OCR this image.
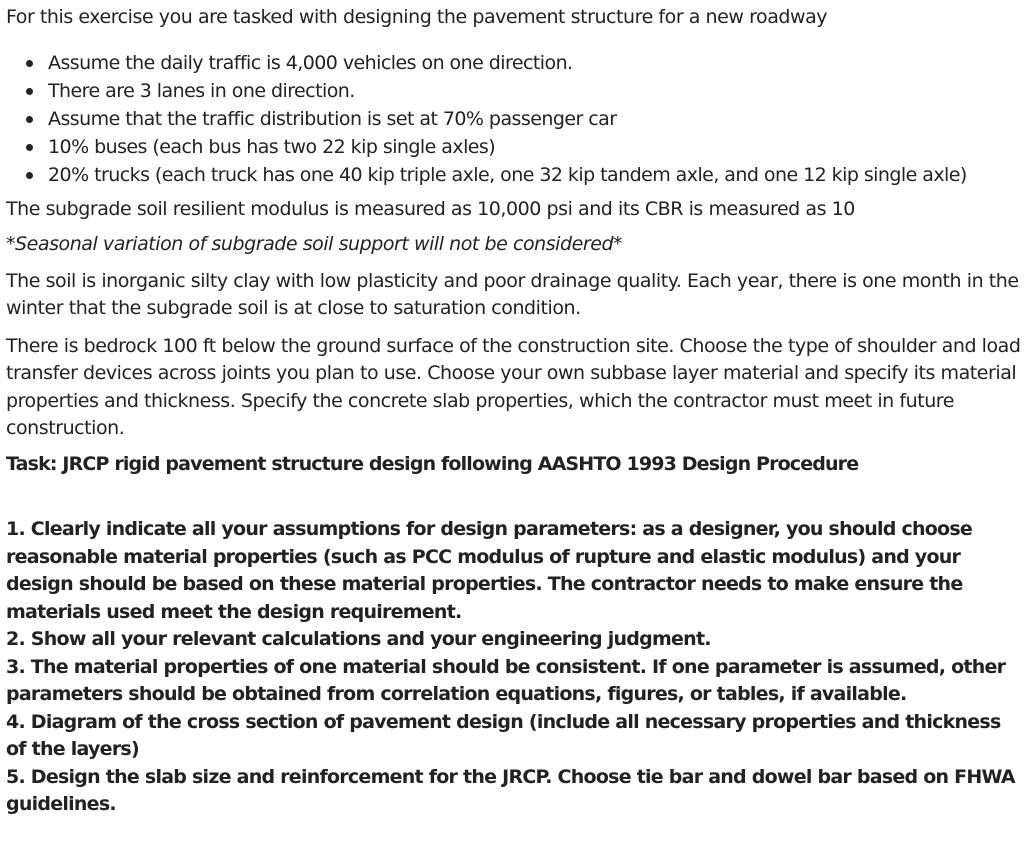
For this exercise you are tasked with designing the pavement structure for a new roadway

Assume the daily traffic is 4,000 vehicles on one direction.
There are 3 lanes in one direction.
Assume that the traffic distribution is set at 70% passenger car
10% buses (each bus has two 22 kip single axles)
20% trucks (each truck has one 40 kip triple axle, one 32 kip tandem axle, and one 12 kip single axle)

The subgrade soil resilient modulus is measured as 10,000 psi and its CBR is measured as 10

*Seasonal variation of subgrade soil support will not be considered*

The soil is inorganic silty clay with low plasticity and poor drainage quality. Each year, there is one month in the winter that the subgrade soil is at close to saturation condition.

There is bedrock 100 ft below the ground surface of the construction site. Choose the type of shoulder and load transfer devices across joints you plan to use. Choose your own subbase layer material and specify its material properties and thickness. Specify the concrete slab properties, which the contractor must meet in future construction.

Task: JRCP rigid pavement structure design following AASHTO 1993 Design Procedure

1. Clearly indicate all your assumptions for design parameters: as a designer, you should choose reasonable material properties (such as PCC modulus of rupture and elastic modulus) and your design should be based on these material properties. The contractor needs to make ensure the materials used meet the design requirement.
2. Show all your relevant calculations and your engineering judgment.
3. The material properties of one material should be consistent. If one parameter is assumed, other parameters should be obtained from correlation equations, figures, or tables, if available.
4. Diagram of the cross section of pavement design (include all necessary properties and thickness of the layers)
5. Design the slab size and reinforcement for the JRCP. Choose tie bar and dowel bar based on FHWA guidelines.
